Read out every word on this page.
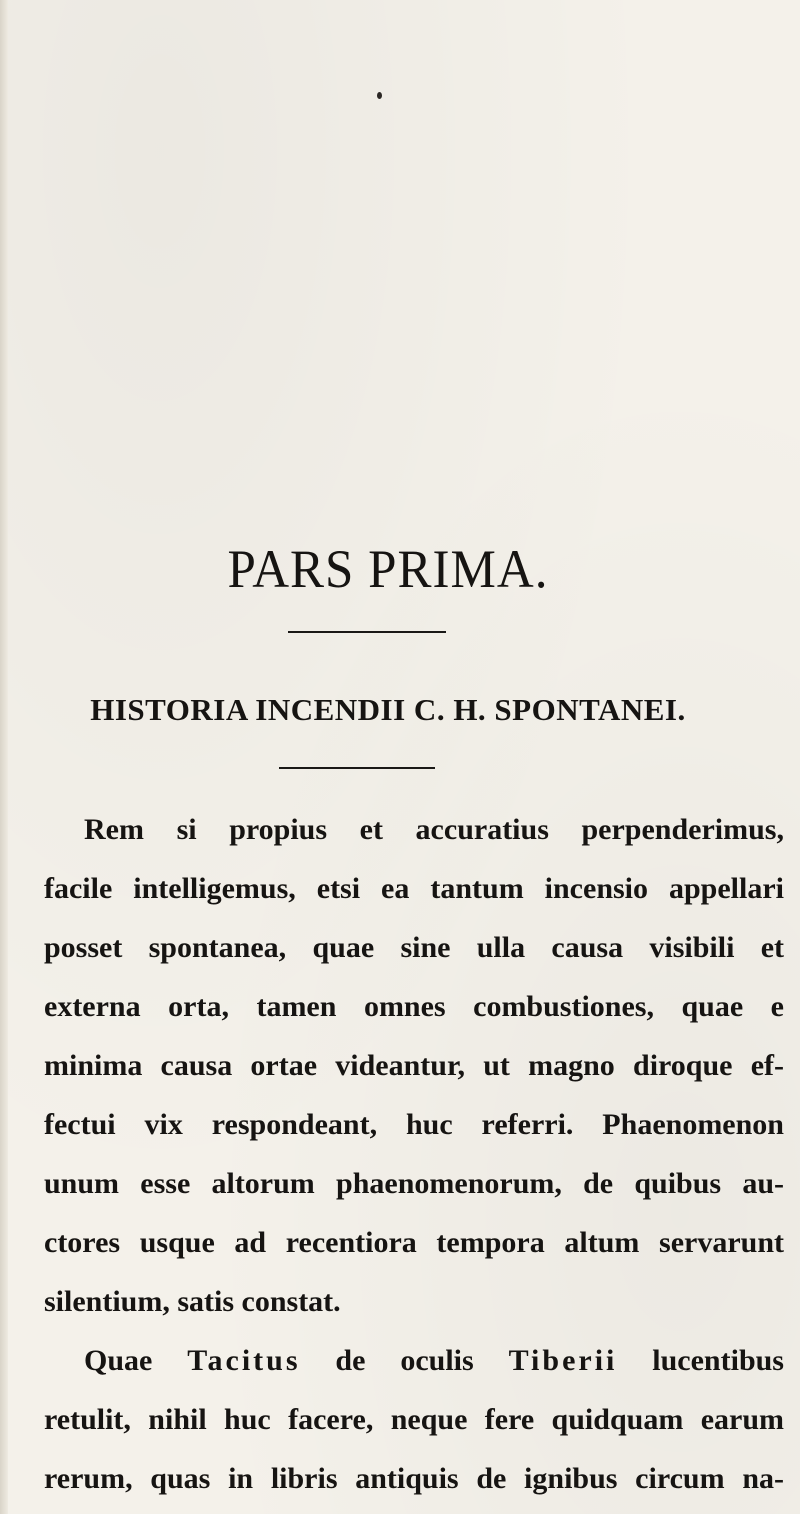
PARS PRIMA.
HISTORIA INCENDII C. H. SPONTANEI.
Rem si propius et accuratius perpenderimus,
facile intelligemus, etsi ea tantum incensio appellari
posset spontanea, quae sine ulla causa visibili et
externa orta, tamen omnes combustiones, quae e
minima causa ortae videantur, ut magno diroque ef-
fectui vix respondeant, huc referri. Phaenomenon
unum esse altorum phaenomenorum, de quibus au-
ctores usque ad recentiora tempora altum servarunt
silentium, satis constat.
Quae Tacitus de oculis Tiberii lucentibus
retulit, nihil huc facere, neque fere quidquam earum
rerum, quas in libris antiquis de ignibus circum na-
